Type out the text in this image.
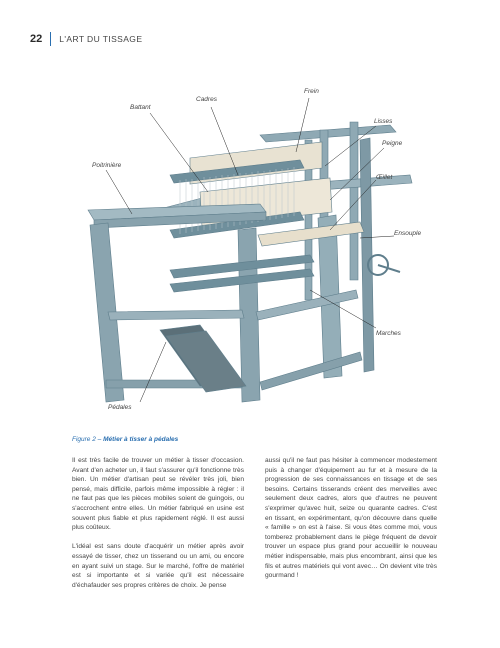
22 L'ART DU TISSAGE
Frein
Cadres
Battant
Lisses
Peigne
Poitrinière
Œillet
Ensouple
Marches
Pédales
Figure 2 – Métier à tisser à pédales

Il est très facile de trouver un métier à tisser d'occasion. Avant d'en acheter un, il faut s'assurer qu'il fonctionne très bien. Un métier d'artisan peut se révéler très joli, bien pensé, mais difficile, parfois même impossible à régler : il ne faut pas que les pièces mobiles soient de guingois, ou s'accrochent entre elles. Un métier fabriqué en usine est souvent plus fiable et plus rapidement réglé. Il est aussi plus coûteux.

L'idéal est sans doute d'acquérir un métier après avoir essayé de tisser, chez un tisserand ou un ami, ou encore en ayant suivi un stage. Sur le marché, l'offre de matériel est si importante et si variée qu'il est nécessaire d'échafauder ses propres critères de choix. Je pense

aussi qu'il ne faut pas hésiter à commencer modestement puis à changer d'équipement au fur et à mesure de la progression de ses connaissances en tissage et de ses besoins. Certains tisserands créent des merveilles avec seulement deux cadres, alors que d'autres ne peuvent s'exprimer qu'avec huit, seize ou quarante cadres. C'est en tissant, en expérimentant, qu'on découvre dans quelle « famille » on est à l'aise. Si vous êtes comme moi, vous tomberez probablement dans le piège fréquent de devoir trouver un espace plus grand pour accueillir le nouveau métier indispensable, mais plus encombrant, ainsi que les fils et autres matériels qui vont avec… On devient vite très gourmand !
